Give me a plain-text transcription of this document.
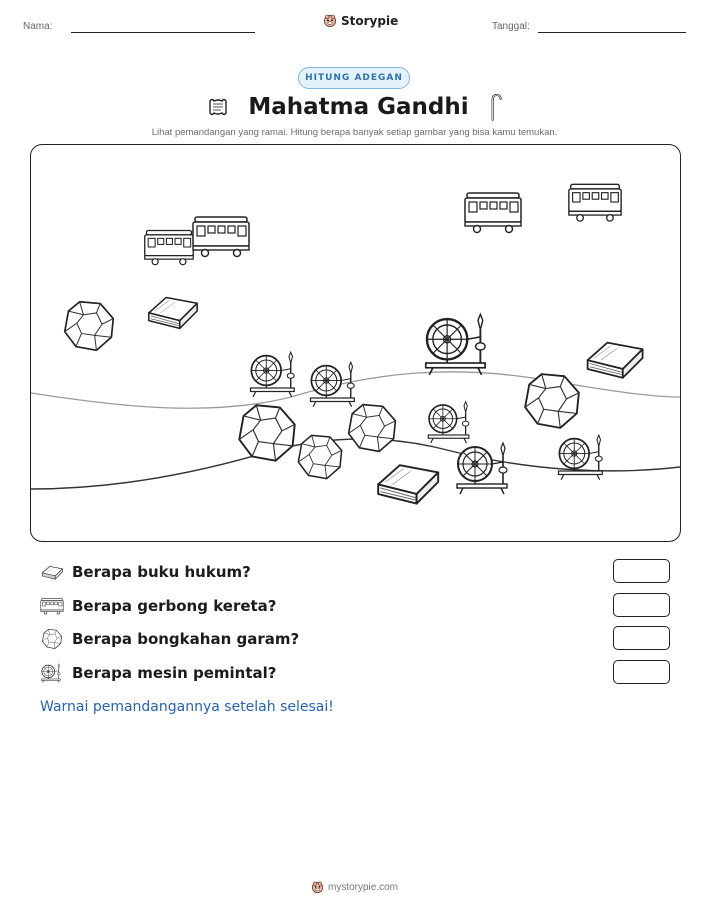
Nama:	Storypie	Tanggal:
HITUNG ADEGAN
Mahatma Gandhi
Lihat pemandangan yang ramai. Hitung berapa banyak setiap gambar yang bisa kamu temukan.
Berapa buku hukum?
Berapa gerbong kereta?
Berapa bongkahan garam?
Berapa mesin pemintal?
Warnai pemandangannya setelah selesai!
mystorypie.com
